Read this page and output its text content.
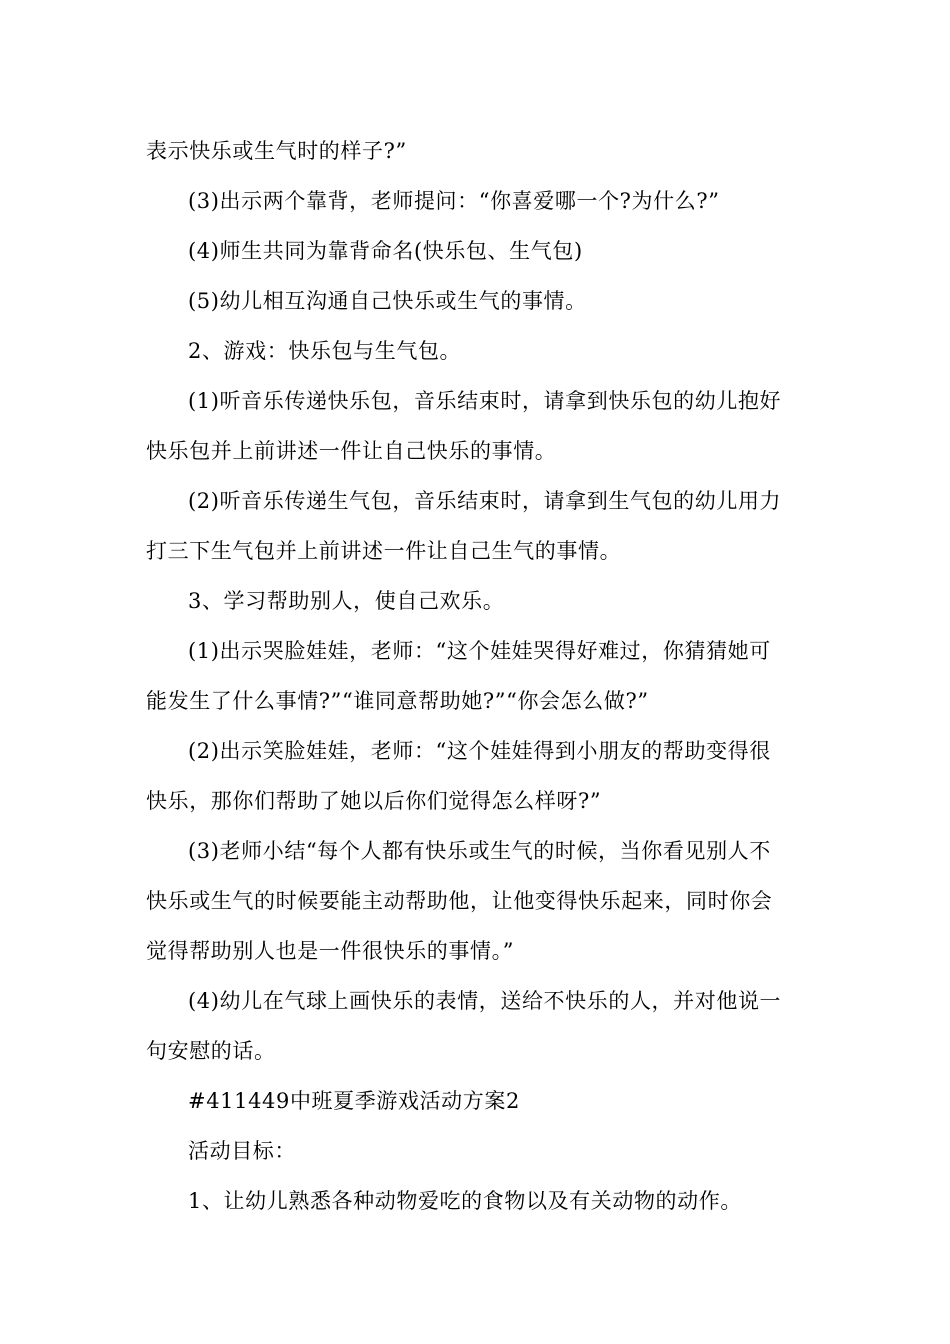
表示快乐或生气时的样子?”
(3)出示两个靠背，老师提问：“你喜爱哪一个?为什么?”
(4)师生共同为靠背命名(快乐包、生气包)
(5)幼儿相互沟通自己快乐或生气的事情。
2、游戏：快乐包与生气包。
(1)听音乐传递快乐包，音乐结束时，请拿到快乐包的幼儿抱好
快乐包并上前讲述一件让自己快乐的事情。
(2)听音乐传递生气包，音乐结束时，请拿到生气包的幼儿用力
打三下生气包并上前讲述一件让自己生气的事情。
3、学习帮助别人，使自己欢乐。
(1)出示哭脸娃娃，老师：“这个娃娃哭得好难过，你猜猜她可
能发生了什么事情?”“谁同意帮助她?”“你会怎么做?”
(2)出示笑脸娃娃，老师：“这个娃娃得到小朋友的帮助变得很
快乐，那你们帮助了她以后你们觉得怎么样呀?”
(3)老师小结“每个人都有快乐或生气的时候，当你看见别人不
快乐或生气的时候要能主动帮助他，让他变得快乐起来，同时你会
觉得帮助别人也是一件很快乐的事情。”
(4)幼儿在气球上画快乐的表情，送给不快乐的人，并对他说一
句安慰的话。
#411449中班夏季游戏活动方案2
活动目标：
1、让幼儿熟悉各种动物爱吃的食物以及有关动物的动作。
